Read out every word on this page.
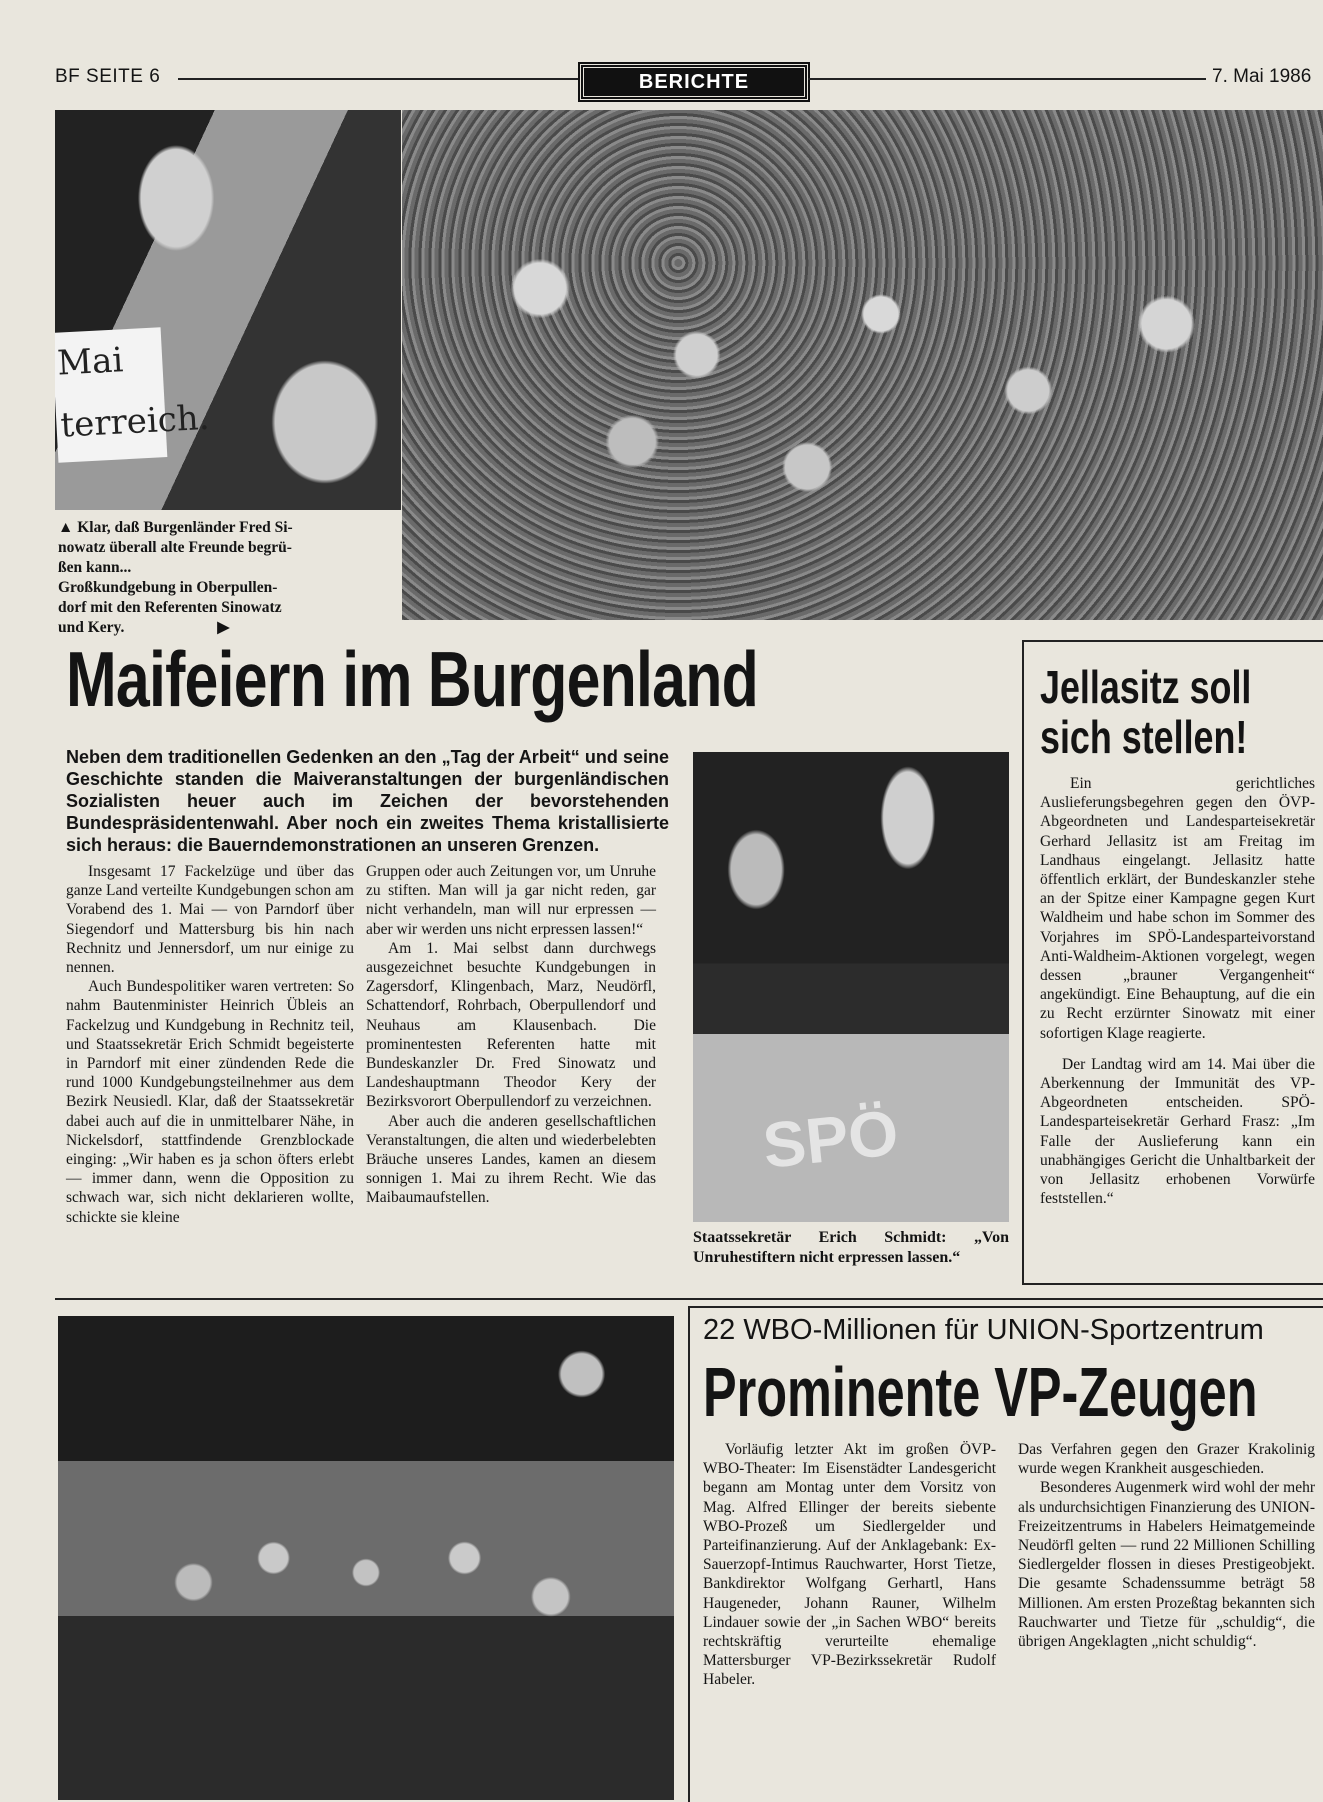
BF SEITE 6	BERICHTE	7. Mai 1986
Mai
terreich.

▲ Klar, daß Burgenländer Fred Si-

nowatz überall alte Freunde begrü-

ßen kann...

Großkundgebung in Oberpullen-

dorf mit den Referenten Sinowatz

und Kery.                        ▶

Maifeiern im Burgenland

Neben dem traditionellen Gedenken an den „Tag der Arbeit“ und seine Geschichte standen die Maiveranstaltungen der burgenländischen Sozialisten heuer auch im Zeichen der bevorstehenden Bundespräsidentenwahl. Aber noch ein zweites Thema kristallisierte sich heraus: die Bauerndemonstrationen an unseren Grenzen.

Insgesamt 17 Fackelzüge und über das ganze Land verteilte Kundgebungen schon am Vorabend des 1. Mai — von Parndorf über Siegendorf und Mattersburg bis hin nach Rechnitz und Jennersdorf, um nur einige zu nennen.

Auch Bundespolitiker waren vertreten: So nahm Bautenminister Heinrich Übleis an Fackelzug und Kundgebung in Rechnitz teil, und Staatssekretär Erich Schmidt begeisterte in Parndorf mit einer zündenden Rede die rund 1000 Kundgebungsteilnehmer aus dem Bezirk Neusiedl. Klar, daß der Staatssekretär dabei auch auf die in unmittelbarer Nähe, in Nickelsdorf, stattfindende Grenzblockade einging: „Wir haben es ja schon öfters erlebt — immer dann, wenn die Opposition zu schwach war, sich nicht deklarieren wollte, schickte sie kleine

Gruppen oder auch Zeitungen vor, um Unruhe zu stiften. Man will ja gar nicht reden, gar nicht verhandeln, man will nur erpressen — aber wir werden uns nicht erpressen lassen!“

Am 1. Mai selbst dann durchwegs ausgezeichnet besuchte Kundgebungen in Zagersdorf, Klingenbach, Marz, Neudörfl, Schattendorf, Rohrbach, Oberpullendorf und Neuhaus am Klausenbach. Die prominentesten Referenten hatte mit Bundeskanzler Dr. Fred Sinowatz und Landeshauptmann Theodor Kery der Bezirksvorort Oberpullendorf zu verzeichnen.

Aber auch die anderen gesellschaftlichen Veranstaltungen, die alten und wiederbelebten Bräuche unseres Landes, kamen an diesem sonnigen 1. Mai zu ihrem Recht. Wie das Maibaumaufstellen.

SPÖ
Staatssekretär Erich Schmidt: „Von Unruhestiftern nicht erpressen lassen.“
Jellasitz soll
sich stellen!

Ein gerichtliches Auslieferungsbegehren gegen den ÖVP-Abgeordneten und Landesparteisekretär Gerhard Jellasitz ist am Freitag im Landhaus eingelangt. Jellasitz hatte öffentlich erklärt, der Bundeskanzler stehe an der Spitze einer Kampagne gegen Kurt Waldheim und habe schon im Sommer des Vorjahres im SPÖ-Landesparteivorstand Anti-Waldheim-Aktionen vorgelegt, wegen dessen „brauner Vergangenheit“ angekündigt. Eine Behauptung, auf die ein zu Recht erzürnter Sinowatz mit einer sofortigen Klage reagierte.

Der Landtag wird am 14. Mai über die Aberkennung der Immunität des VP-Abgeordneten entscheiden. SPÖ-Landesparteisekretär Gerhard Frasz: „Im Falle der Auslieferung kann ein unabhängiges Gericht die Unhaltbarkeit der von Jellasitz erhobenen Vorwürfe feststellen.“

22 WBO-Millionen für UNION-Sportzentrum
Prominente VP-Zeugen

Vorläufig letzter Akt im großen ÖVP-WBO-Theater: Im Eisenstädter Landesgericht begann am Montag unter dem Vorsitz von Mag. Alfred Ellinger der bereits siebente WBO-Prozeß um Siedlergelder und Parteifinanzierung. Auf der Anklagebank: Ex-Sauerzopf-Intimus Rauchwarter, Horst Tietze, Bankdirektor Wolfgang Gerhartl, Hans Haugeneder, Johann Rauner, Wilhelm Lindauer sowie der „in Sachen WBO“ bereits rechtskräftig verurteilte ehemalige Mattersburger VP-Bezirkssekretär Rudolf Habeler.

Das Verfahren gegen den Grazer Krakolinig wurde wegen Krankheit ausgeschieden.

Besonderes Augenmerk wird wohl der mehr als undurchsichtigen Finanzierung des UNION-Freizeitzentrums in Habelers Heimatgemeinde Neudörfl gelten — rund 22 Millionen Schilling Siedlergelder flossen in dieses Prestigeobjekt. Die gesamte Schadenssumme beträgt 58 Millionen. Am ersten Prozeßtag bekannten sich Rauchwarter und Tietze für „schuldig“, die übrigen Angeklagten „nicht schuldig“.
